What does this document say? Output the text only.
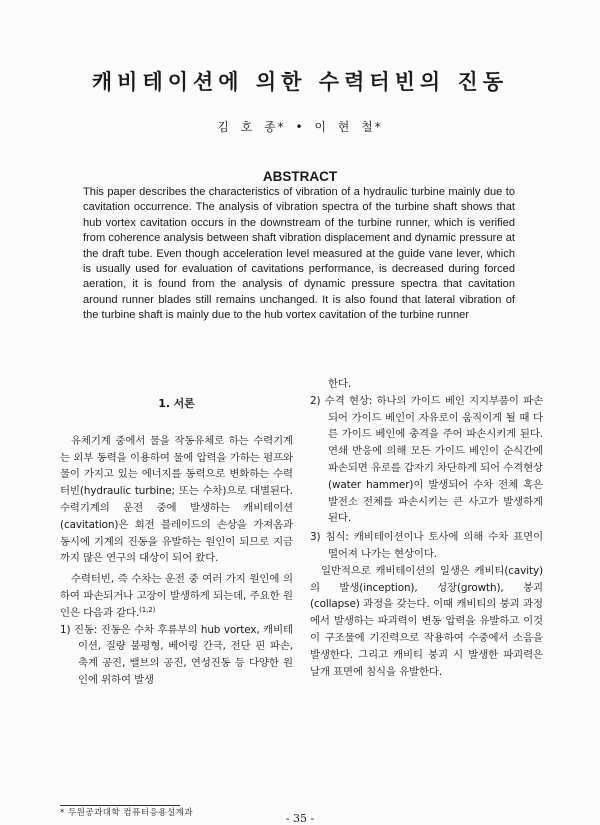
캐비테이션에 의한 수력터빈의 진동
김 호 종* • 이 현 철*
ABSTRACT
This paper describes the characteristics of vibration of a hydraulic turbine mainly due to cavitation occurrence. The analysis of vibration spectra of the turbine shaft shows that hub vortex cavitation occurs in the downstream of the turbine runner, which is verified from coherence analysis between shaft vibration displacement and dynamic pressure at the draft tube. Even though acceleration level measured at the guide vane lever, which is usually used for evaluation of cavitations performance, is decreased during forced aeration, it is found from the analysis of dynamic pressure spectra that cavitation around runner blades still remains unchanged. It is also found that lateral vibration of the turbine shaft is mainly due to the hub vortex cavitation of the turbine runner
1. 서론

유체기계 중에서 물을 작동유체로 하는 수력기계는 외부 동력을 이용하여 물에 압력을 가하는 펌프와 물이 가지고 있는 에너지를 동력으로 변화하는 수력터빈(hydraulic turbine; 또는 수차)으로 대별된다. 수력기계의 운전 중에 발생하는 캐비테이션(cavitation)은 회전 블레이드의 손상을 가져옴과 동시에 기계의 진동을 유발하는 원인이 되므로 지금까지 많은 연구의 대상이 되어 왔다.

수력터빈, 즉 수차는 운전 중 여러 가지 원인에 의하여 파손되거나 고장이 발생하게 되는데, 주요한 원인은 다음과 같다.$^{(1,2)}$

1) 진동: 진동은 수차 후류부의 hub vortex, 캐비테이션, 질량 불평형, 베어링 간극, 전단 핀 파손, 축계 공진, 밸브의 공진, 연성진동 등 다양한 원인에 위하여 발생

한다.

2) 수격 현상: 하나의 가이드 베인 지지부품이 파손되어 가이드 베인이 자유로이 움직이게 될 때 다른 가이드 베인에 충격을 주어 파손시키게 된다. 연쇄 반응에 의해 모든 가이드 베인이 순식간에 파손되면 유로를 갑자기 차단하게 되어 수격현상(water hammer)이 발생되어 수차 전체 혹은 발전소 전체를 파손시키는 큰 사고가 발생하게 된다.
3) 침식: 캐비테이션이나 토사에 의해 수차 표면이 떨어져 나가는 현상이다.

일반적으로 캐비테이션의 일생은 캐비티(cavity)의 발생(inception), 성장(growth), 붕괴(collapse) 과정을 갖는다. 이때 캐비티의 붕괴 과정에서 발생하는 파괴력이 변동 압력을 유발하고 이것이 구조물에 기진력으로 작용하여 수중에서 소음을 발생한다. 그리고 캐비티 붕괴 시 발생한 파괴력은 날개 표면에 침식을 유발한다.

* 두원공과대학 컴퓨터응용설계과	- 35 -
